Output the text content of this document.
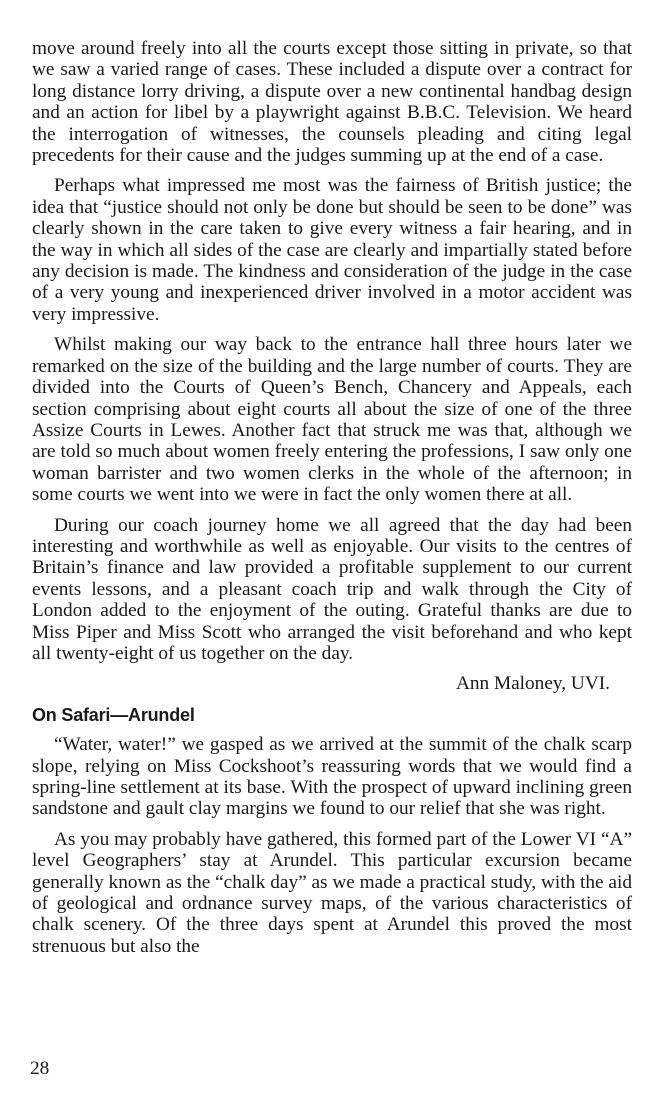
move around freely into all the courts except those sitting in private, so that we saw a varied range of cases. These included a dispute over a contract for long distance lorry driving, a dispute over a new continental handbag design and an action for libel by a playwright against B.B.C. Television. We heard the interrogation of witnesses, the counsels pleading and citing legal precedents for their cause and the judges summing up at the end of a case.

Perhaps what impressed me most was the fairness of British justice; the idea that “justice should not only be done but should be seen to be done” was clearly shown in the care taken to give every witness a fair hearing, and in the way in which all sides of the case are clearly and impartially stated before any decision is made. The kindness and consideration of the judge in the case of a very young and inexperienced driver involved in a motor accident was very impressive.

Whilst making our way back to the entrance hall three hours later we remarked on the size of the building and the large number of courts. They are divided into the Courts of Queen’s Bench, Chancery and Appeals, each section comprising about eight courts all about the size of one of the three Assize Courts in Lewes. Another fact that struck me was that, although we are told so much about women freely entering the professions, I saw only one woman barrister and two women clerks in the whole of the afternoon; in some courts we went into we were in fact the only women there at all.

During our coach journey home we all agreed that the day had been interesting and worthwhile as well as enjoyable. Our visits to the centres of Britain’s finance and law provided a profitable supplement to our current events lessons, and a pleasant coach trip and walk through the City of London added to the enjoyment of the outing. Grateful thanks are due to Miss Piper and Miss Scott who arranged the visit beforehand and who kept all twenty-eight of us together on the day.

Ann Maloney, UVI.
On Safari—Arundel

“Water, water!” we gasped as we arrived at the summit of the chalk scarp slope, relying on Miss Cockshoot’s reassuring words that we would find a spring-line settlement at its base. With the prospect of upward inclining green sandstone and gault clay margins we found to our relief that she was right.

As you may probably have gathered, this formed part of the Lower VI “A” level Geographers’ stay at Arundel. This particular excursion became generally known as the “chalk day” as we made a practical study, with the aid of geological and ordnance survey maps, of the various characteristics of chalk scenery. Of the three days spent at Arundel this proved the most strenuous but also the

28
